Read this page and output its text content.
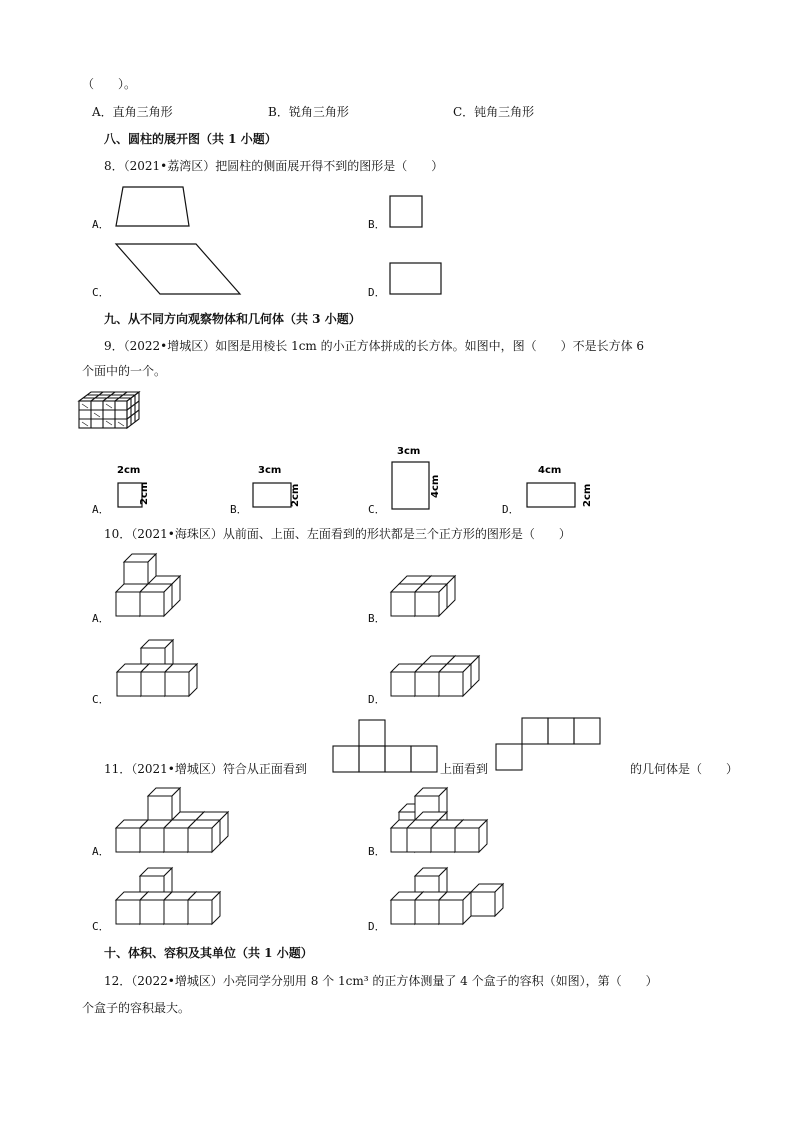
（　　）。
A．直角三角形	B．锐角三角形	C．钝角三角形
八、圆柱的展开图（共 1 小题）
8．（2021•荔湾区）把圆柱的侧面展开得不到的图形是（　　）
A．	B．
C．	D．
九、从不同方向观察物体和几何体（共 3 小题）
9．（2022•增城区）如图是用棱长 1cm 的小正方体拼成的长方体。如图中，图（　　）不是长方体 6
个面中的一个。
A．
2cm
2cm
B．
3cm
2cm
C．
3cm
4cm
D．
4cm
2cm
10．（2021•海珠区）从前面、上面、左面看到的形状都是三个正方形的图形是（　　）
A．	B．
C．	D．
11．（2021•增城区）符合从正面看到	上面看到	的几何体是（　　）
A．	B．
C．	D．
十、体积、容积及其单位（共 1 小题）
12．（2022•增城区）小亮同学分别用 8 个 1cm³ 的正方体测量了 4 个盒子的容积（如图），第（　　）
个盒子的容积最大。
